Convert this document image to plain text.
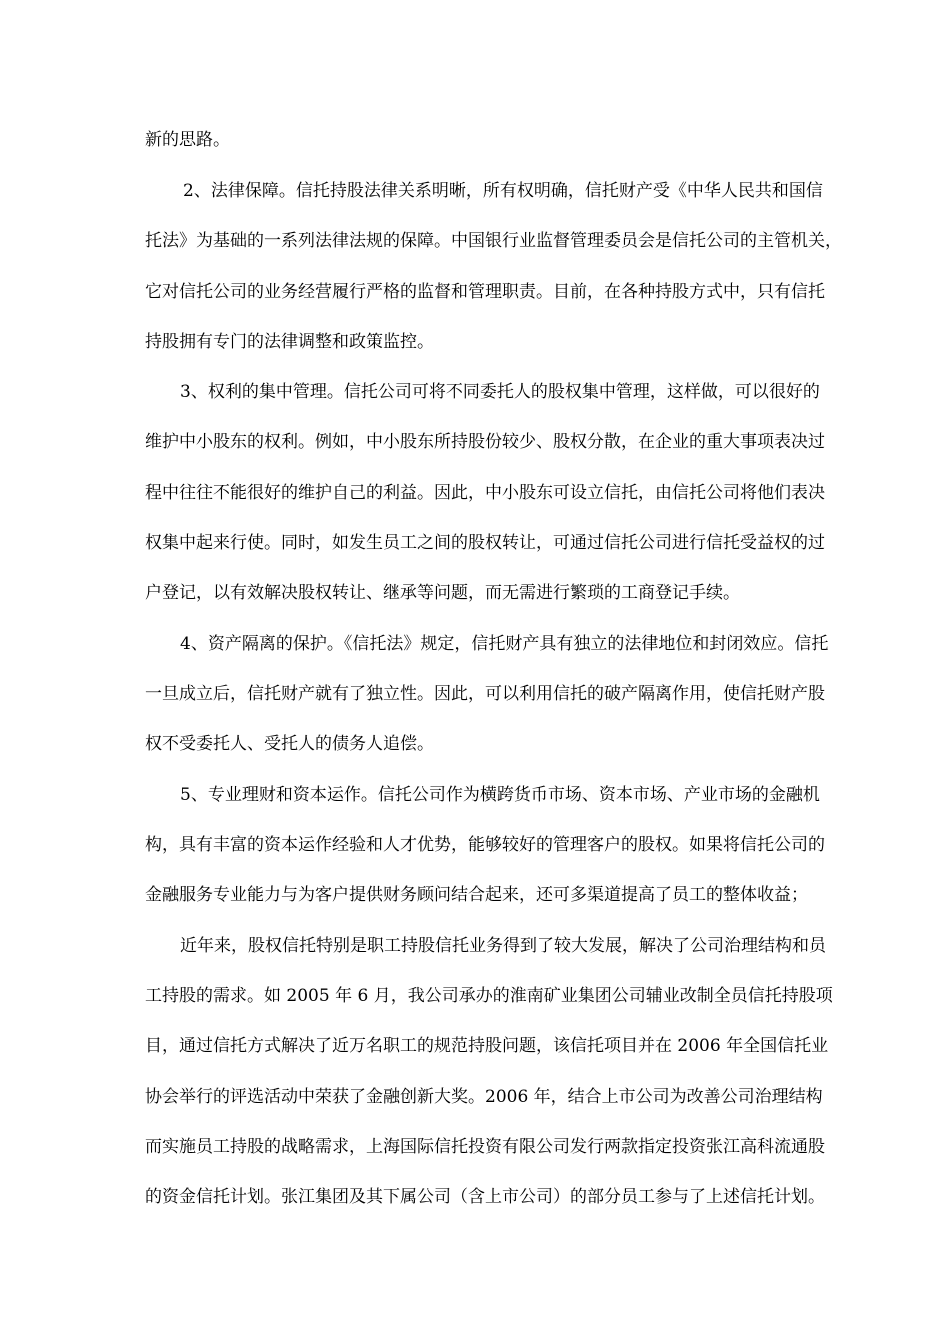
新的思路。
2、法律保障。信托持股法律关系明晰，所有权明确，信托财产受《中华人民共和国信
托法》为基础的一系列法律法规的保障。中国银行业监督管理委员会是信托公司的主管机关，
它对信托公司的业务经营履行严格的监督和管理职责。目前，在各种持股方式中，只有信托
持股拥有专门的法律调整和政策监控。
3、权利的集中管理。信托公司可将不同委托人的股权集中管理，这样做，可以很好的
维护中小股东的权利。例如，中小股东所持股份较少、股权分散，在企业的重大事项表决过
程中往往不能很好的维护自己的利益。因此，中小股东可设立信托，由信托公司将他们表决
权集中起来行使。同时，如发生员工之间的股权转让，可通过信托公司进行信托受益权的过
户登记，以有效解决股权转让、继承等问题，而无需进行繁琐的工商登记手续。
4、资产隔离的保护。《信托法》规定，信托财产具有独立的法律地位和封闭效应。信托
一旦成立后，信托财产就有了独立性。因此，可以利用信托的破产隔离作用，使信托财产股
权不受委托人、受托人的债务人追偿。
5、专业理财和资本运作。信托公司作为横跨货币市场、资本市场、产业市场的金融机
构，具有丰富的资本运作经验和人才优势，能够较好的管理客户的股权。如果将信托公司的
金融服务专业能力与为客户提供财务顾问结合起来，还可多渠道提高了员工的整体收益；
近年来，股权信托特别是职工持股信托业务得到了较大发展，解决了公司治理结构和员
工持股的需求。如 2005 年 6 月，我公司承办的淮南矿业集团公司辅业改制全员信托持股项
目，通过信托方式解决了近万名职工的规范持股问题，该信托项目并在 2006 年全国信托业
协会举行的评选活动中荣获了金融创新大奖。2006 年，结合上市公司为改善公司治理结构
而实施员工持股的战略需求，上海国际信托投资有限公司发行两款指定投资张江高科流通股
的资金信托计划。张江集团及其下属公司（含上市公司）的部分员工参与了上述信托计划。
